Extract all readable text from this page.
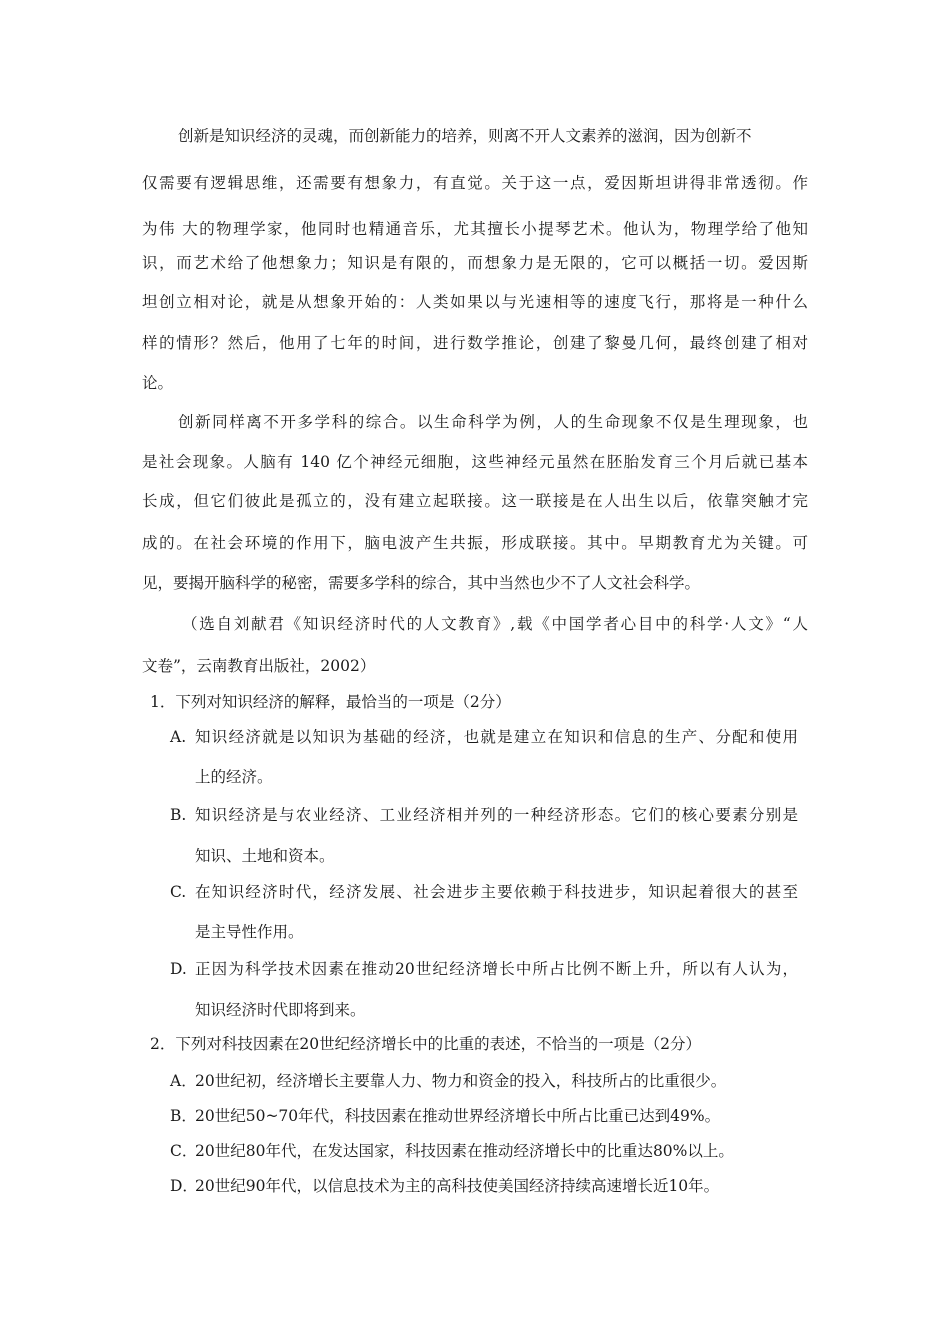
创新是知识经济的灵魂，而创新能力的培养，则离不开人文素养的滋润，因为创新不
仅需要有逻辑思维，还需要有想象力，有直觉。关于这一点，爱因斯坦讲得非常透彻。作
为伟 大的物理学家，他同时也精通音乐，尤其擅长小提琴艺术。他认为，物理学给了他知
识，而艺术给了他想象力；知识是有限的，而想象力是无限的，它可以概括一切。爱因斯
坦创立相对论，就是从想象开始的：人类如果以与光速相等的速度飞行，那将是一种什么
样的情形？然后，他用了七年的时间，进行数学推论，创建了黎曼几何，最终创建了相对
论。
创新同样离不开多学科的综合。以生命科学为例，人的生命现象不仅是生理现象，也
是社会现象。人脑有 140 亿个神经元细胞，这些神经元虽然在胚胎发育三个月后就已基本
长成，但它们彼此是孤立的，没有建立起联接。这一联接是在人出生以后，依靠突触才完
成的。在社会环境的作用下，脑电波产生共振，形成联接。其中。早期教育尤为关键。可
见，要揭开脑科学的秘密，需要多学科的综合，其中当然也少不了人文社会科学。
（选自刘献君《知识经济时代的人文教育》,载《中国学者心目中的科学·人文》“人
文卷”，云南教育出版社，2002）
1．下列对知识经济的解释，最恰当的一项是（2分）
A. 知识经济就是以知识为基础的经济，也就是建立在知识和信息的生产、分配和使用
上的经济。
B. 知识经济是与农业经济、工业经济相并列的一种经济形态。它们的核心要素分别是
知识、土地和资本。
C. 在知识经济时代，经济发展、社会进步主要依赖于科技进步，知识起着很大的甚至
是主导性作用。
D. 正因为科学技术因素在推动20世纪经济增长中所占比例不断上升，所以有人认为，
知识经济时代即将到来。
2．下列对科技因素在20世纪经济增长中的比重的表述，不恰当的一项是（2分）
A．
20世纪初，经济增长主要靠人力、物力和资金的投入，科技所占的比重很少。
B．
20世纪50~70年代，科技因素在推动世界经济增长中所占比重已达到49%。
C．
20世纪80年代，在发达国家，科技因素在推动经济增长中的比重达80%以上。
D．
20世纪90年代，以信息技术为主的高科技使美国经济持续高速增长近10年。
